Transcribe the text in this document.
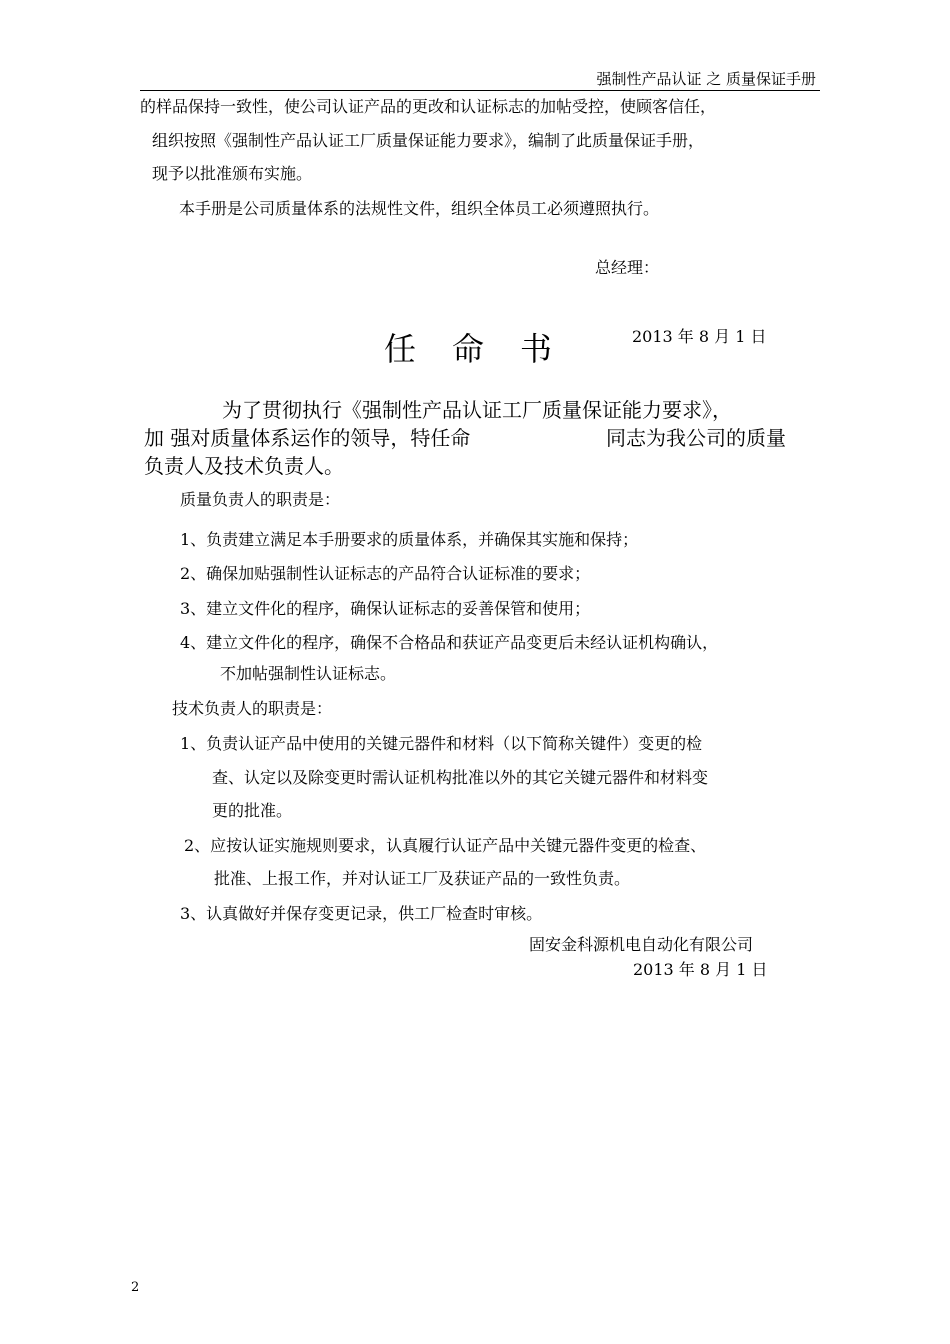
强制性产品认证 之 质量保证手册
的样品保持一致性，使公司认证产品的更改和认证标志的加帖受控，使顾客信任，
组织按照《强制性产品认证工厂质量保证能力要求》，编制了此质量保证手册，
现予以批准颁布实施。
本手册是公司质量体系的法规性文件，组织全体员工必须遵照执行。
总经理：
2013 年 8 月 1 日
任命书
为了贯彻执行《强制性产品认证工厂质量保证能力要求》，
加 强对质量体系运作的领导，特任命	同志为我公司的质量
负责人及技术负责人。
质量负责人的职责是：
1、负责建立满足本手册要求的质量体系，并确保其实施和保持；
2、确保加贴强制性认证标志的产品符合认证标准的要求；
3、建立文件化的程序，确保认证标志的妥善保管和使用；
4、建立文件化的程序，确保不合格品和获证产品变更后未经认证机构确认，
不加帖强制性认证标志。
技术负责人的职责是：
1、负责认证产品中使用的关键元器件和材料（以下简称关键件）变更的检
查、认定以及除变更时需认证机构批准以外的其它关键元器件和材料变
更的批准。
2、应按认证实施规则要求，认真履行认证产品中关键元器件变更的检查、
批准、上报工作，并对认证工厂及获证产品的一致性负责。
3、认真做好并保存变更记录，供工厂检查时审核。
固安金科源机电自动化有限公司
2013 年 8 月 1 日
2
